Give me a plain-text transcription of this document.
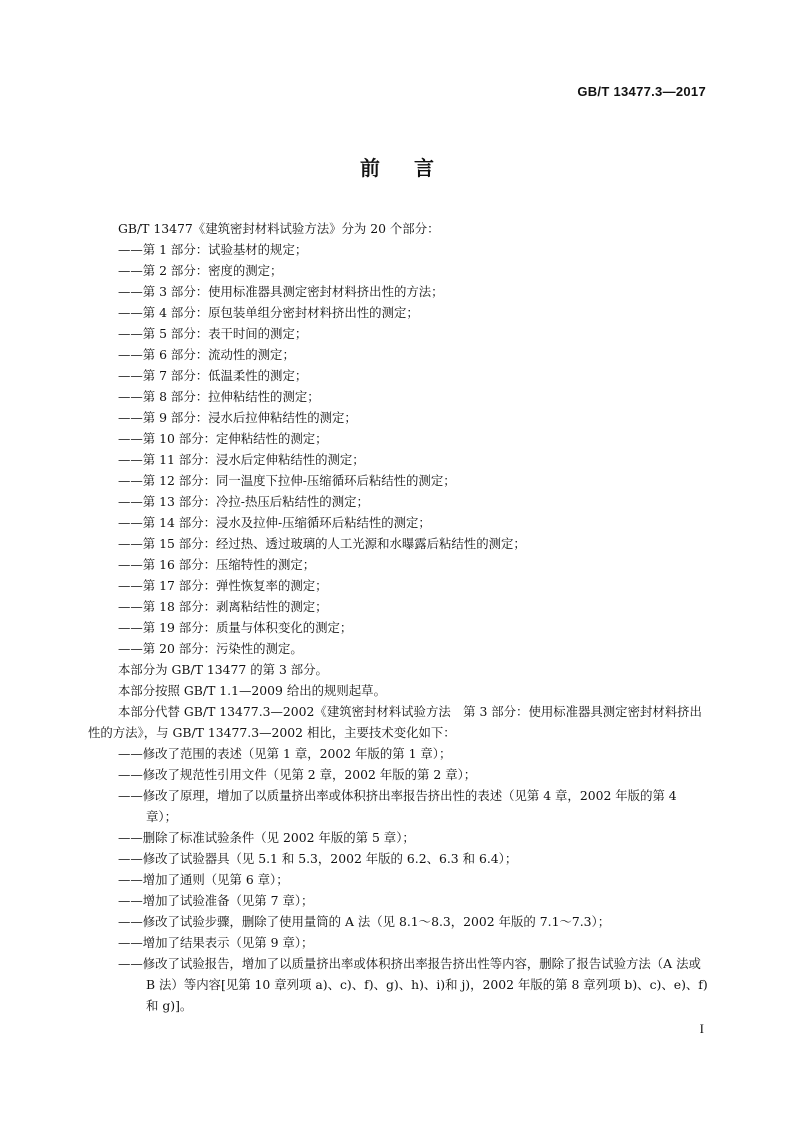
GB/T 13477.3—2017
前言

GB/T 13477《建筑密封材料试验方法》分为 20 个部分：

——第 1 部分：试验基材的规定；

——第 2 部分：密度的测定；

——第 3 部分：使用标准器具测定密封材料挤出性的方法；

——第 4 部分：原包装单组分密封材料挤出性的测定；

——第 5 部分：表干时间的测定；

——第 6 部分：流动性的测定；

——第 7 部分：低温柔性的测定；

——第 8 部分：拉伸粘结性的测定；

——第 9 部分：浸水后拉伸粘结性的测定；

——第 10 部分：定伸粘结性的测定；

——第 11 部分：浸水后定伸粘结性的测定；

——第 12 部分：同一温度下拉伸-压缩循环后粘结性的测定；

——第 13 部分：冷拉-热压后粘结性的测定；

——第 14 部分：浸水及拉伸-压缩循环后粘结性的测定；

——第 15 部分：经过热、透过玻璃的人工光源和水曝露后粘结性的测定；

——第 16 部分：压缩特性的测定；

——第 17 部分：弹性恢复率的测定；

——第 18 部分：剥离粘结性的测定；

——第 19 部分：质量与体积变化的测定；

——第 20 部分：污染性的测定。

本部分为 GB/T 13477 的第 3 部分。

本部分按照 GB/T 1.1—2009 给出的规则起草。

本部分代替 GB/T 13477.3—2002《建筑密封材料试验方法　第 3 部分：使用标准器具测定密封材料挤出性的方法》，与 GB/T 13477.3—2002 相比，主要技术变化如下：

——修改了范围的表述（见第 1 章，2002 年版的第 1 章）；

——修改了规范性引用文件（见第 2 章，2002 年版的第 2 章）；

——修改了原理，增加了以质量挤出率或体积挤出率报告挤出性的表述（见第 4 章，2002 年版的第 4 章）；

——删除了标准试验条件（见 2002 年版的第 5 章）；

——修改了试验器具（见 5.1 和 5.3，2002 年版的 6.2、6.3 和 6.4）；

——增加了通则（见第 6 章）；

——增加了试验准备（见第 7 章）；

——修改了试验步骤，删除了使用量筒的 A 法（见 8.1～8.3，2002 年版的 7.1～7.3）；

——增加了结果表示（见第 9 章）；

——修改了试验报告，增加了以质量挤出率或体积挤出率报告挤出性等内容，删除了报告试验方法（A 法或 B 法）等内容[见第 10 章列项 a)、c)、f)、g)、h)、i)和 j)，2002 年版的第 8 章列项 b)、c)、e)、f)和 g)]。

I
